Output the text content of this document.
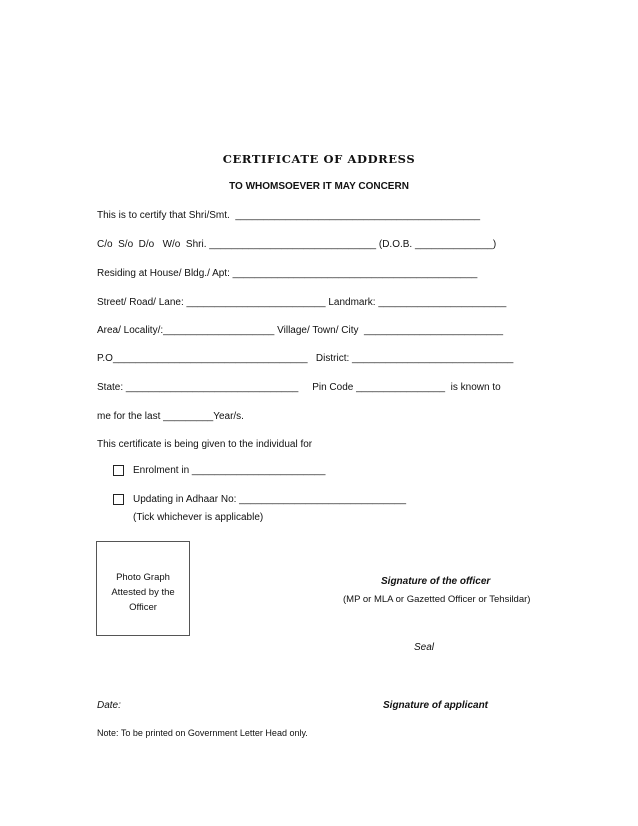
CERTIFICATE OF ADDRESS
TO WHOMSOEVER IT MAY CONCERN
This is to certify that Shri/Smt.  ____________________________________________
C/o  S/o  D/o   W/o  Shri. ______________________________ (D.O.B. ______________)
Residing at House/ Bldg./ Apt: ____________________________________________
Street/ Road/ Lane: _________________________ Landmark: _______________________
Area/ Locality/:____________________ Village/ Town/ City  _________________________
P.O___________________________________   District: _____________________________
State: _______________________________     Pin Code ________________  is known to
me for the last _________Year/s.
This certificate is being given to the individual for
Enrolment in ________________________
Updating in Adhaar No: ______________________________
(Tick whichever is applicable)
Photo Graph
Attested by the
Officer
Signature of the officer
(MP or MLA or Gazetted Officer or Tehsildar)
Seal
Date:	Signature of applicant
Note: To be printed on Government Letter Head only.
